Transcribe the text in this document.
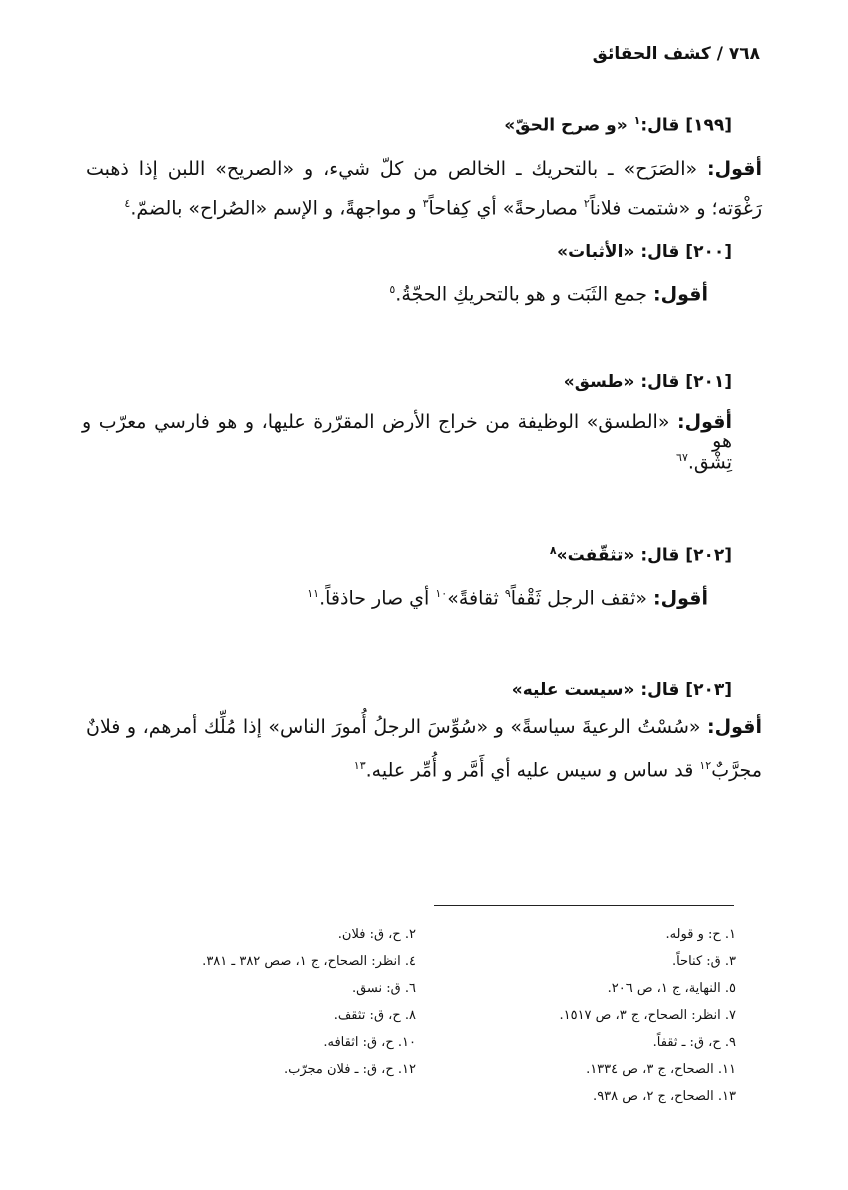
٧٦٨ / كشف الحقائق
[١٩٩] قال:$^١$ «و صرح الحقّ»
أقول: «الصَرَح» ـ بالتحريك ـ الخالص من كلّ شيء، و «الصريح» اللبن إذا ذهبت
رَغْوَته؛ و «شتمت فلاناً$^٢$ مصارحةً» أي كِفاحاً$^٣$ و مواجهةً، و الإسم «الصُراح» بالضمّ.$^٤$
[٢٠٠] قال: «الأثبات»
أقول: جمع الثَبَت و هو بالتحريكِ الحجّةُ.$^٥$
[٢٠١] قال: «طسق»
أقول: «الطسق» الوظيفة من خراج الأرض المقرّرة عليها، و هو فارسي معرّب و هو
تِشْق.$^{٦٧}$
[٢٠٢] قال: «تثقّفت»$^٨$
أقول: «ثقف الرجل ثَقْفاً$^٩$ ثقافةً»$^{١٠}$ أي صار حاذقاً.$^{١١}$
[٢٠٣] قال: «سيست عليه»
أقول: «سُسْتُ الرعيةَ سياسةً» و «سُوِّسَ الرجلُ أُمورَ الناس» إذا مُلِّك أمرهم، و فلانٌ
مجرَّبٌ$^{١٢}$ قد ساس و سيس عليه أي أَمَّر و أُمِّر عليه.$^{١٣}$
١. ح: و قوله.
٣. ق: كناحاً.
٥. النهاية، ج ١، ص ٢٠٦.
٧. انظر: الصحاح، ج ٣، ص ١٥١٧.
٩. ح، ق: ـ ثقفاً.
١١. الصحاح، ج ٣، ص ١٣٣٤.
١٣. الصحاح، ج ٢، ص ٩٣٨.
٢. ح، ق: فلان.
٤. انظر: الصحاح، ج ١، صص ٣٨٢ ـ ٣٨١.
٦. ق: نسق.
٨. ح، ق: تثقف.
١٠. ح، ق: اثقافه.
١٢. ح، ق: ـ فلان مجرّب.
